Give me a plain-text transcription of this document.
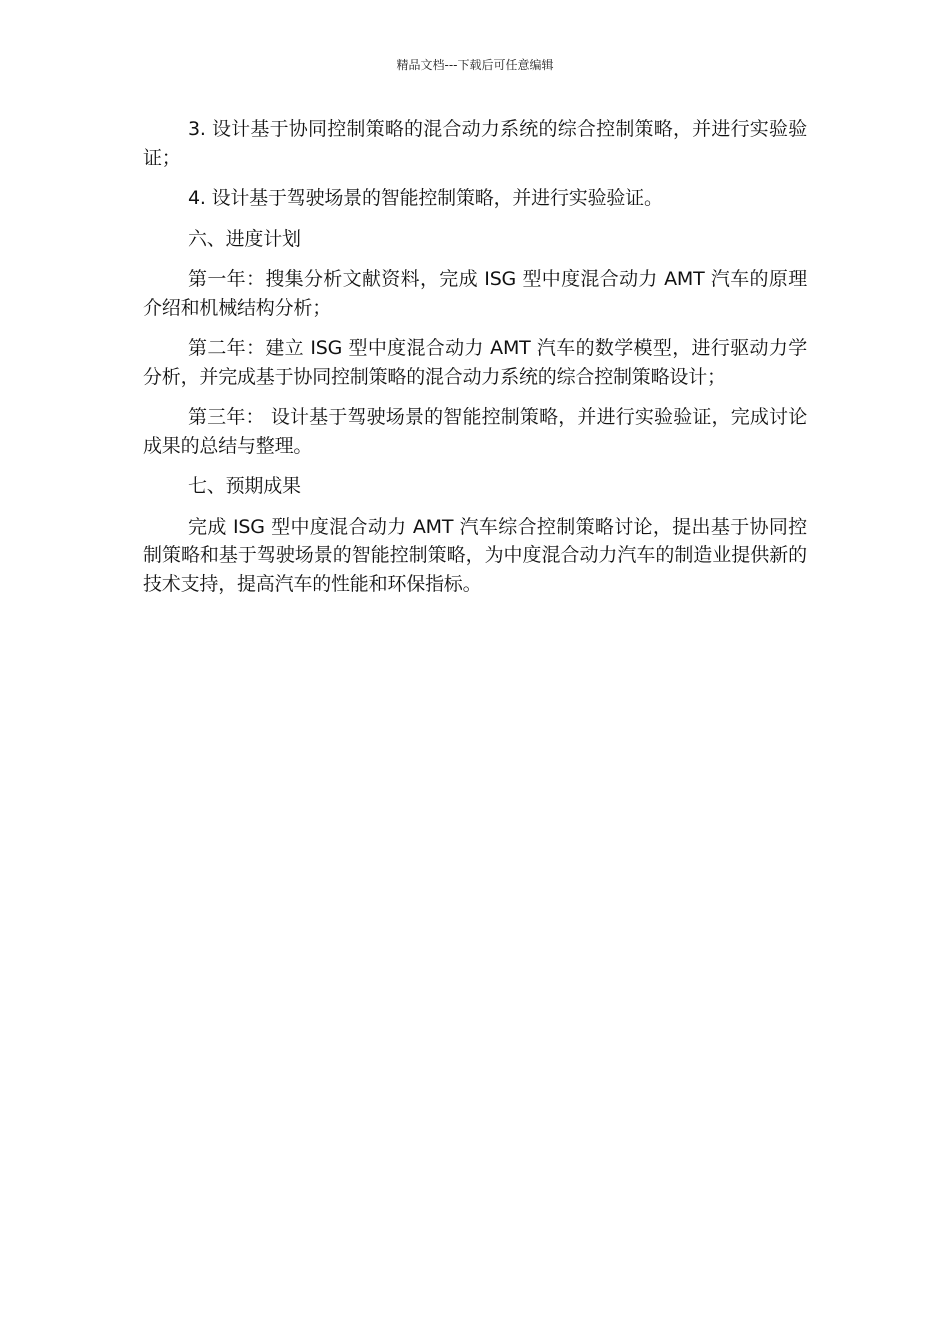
精品文档---下载后可任意编辑

3. 设计基于协同控制策略的混合动力系统的综合控制策略，并进行实验验证；

4. 设计基于驾驶场景的智能控制策略，并进行实验验证。

六、进度计划

第一年：搜集分析文献资料，完成 ISG 型中度混合动力 AMT 汽车的原理介绍和机械结构分析；

第二年：建立 ISG 型中度混合动力 AMT 汽车的数学模型，进行驱动力学分析，并完成基于协同控制策略的混合动力系统的综合控制策略设计；

第三年： 设计基于驾驶场景的智能控制策略，并进行实验验证，完成讨论成果的总结与整理。

七、预期成果

完成 ISG 型中度混合动力 AMT 汽车综合控制策略讨论，提出基于协同控制策略和基于驾驶场景的智能控制策略，为中度混合动力汽车的制造业提供新的技术支持，提高汽车的性能和环保指标。
